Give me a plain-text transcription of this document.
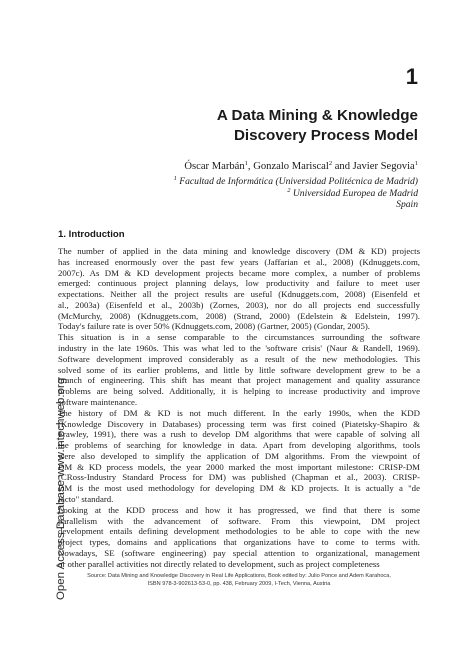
Open Access Database www.intechweb.org
1
A Data Mining & Knowledge
Discovery Process Model
Óscar Marbán$^1$, Gonzalo Mariscal$^2$ and Javier Segovia$^1$
$^1$ Facultad de Informática (Universidad Politécnica de Madrid)
$^2$ Universidad Europea de Madrid
Spain
1. Introduction

The number of applied in the data mining and knowledge discovery (DM & KD) projects
has increased enormously over the past few years (Jaffarian et al., 2008) (Kdnuggets.com,
2007c). As DM & KD development projects became more complex, a number of problems
emerged: continuous project planning delays, low productivity and failure to meet user
expectations. Neither all the project results are useful (Kdnuggets.com, 2008) (Eisenfeld et
al., 2003a) (Eisenfeld et al., 2003b) (Zornes, 2003), nor do all projects end successfully
(McMurchy, 2008) (Kdnuggets.com, 2008) (Strand, 2000) (Edelstein & Edelstein, 1997).
Today's failure rate is over 50% (Kdnuggets.com, 2008) (Gartner, 2005) (Gondar, 2005).

This situation is in a sense comparable to the circumstances surrounding the software
industry in the late 1960s. This was what led to the 'software crisis' (Naur & Randell, 1969).
Software development improved considerably as a result of the new methodologies. This
solved some of its earlier problems, and little by little software development grew to be a
branch of engineering. This shift has meant that project management and quality assurance
problems are being solved. Additionally, it is helping to increase productivity and improve
software maintenance.

The history of DM & KD is not much different. In the early 1990s, when the KDD
(Knowledge Discovery in Databases) processing term was first coined (Piatetsky-Shapiro &
Frawley, 1991), there was a rush to develop DM algorithms that were capable of solving all
the problems of searching for knowledge in data. Apart from developing algorithms, tools
were also developed to simplify the application of DM algorithms. From the viewpoint of
DM & KD process models, the year 2000 marked the most important milestone: CRISP-DM
(CRoss-Industry Standard Process for DM) was published (Chapman et al., 2003). CRISP-
DM is the most used methodology for developing DM & KD projects. It is actually a "de
facto" standard.

Looking at the KDD process and how it has progressed, we find that there is some
parallelism with the advancement of software. From this viewpoint, DM project
development entails defining development methodologies to be able to cope with the new
project types, domains and applications that organizations have to come to terms with.
Nowadays, SE (software engineering) pay special attention to organizational, management
or other parallel activities not directly related to development, such as project completeness

Source: Data Mining and Knowledge Discovery in Real Life Applications, Book edited by: Julio Ponce and Adem Karahoca,
ISBN 978-3-902613-53-0, pp. 438, February 2009, I-Tech, Vienna, Austria
